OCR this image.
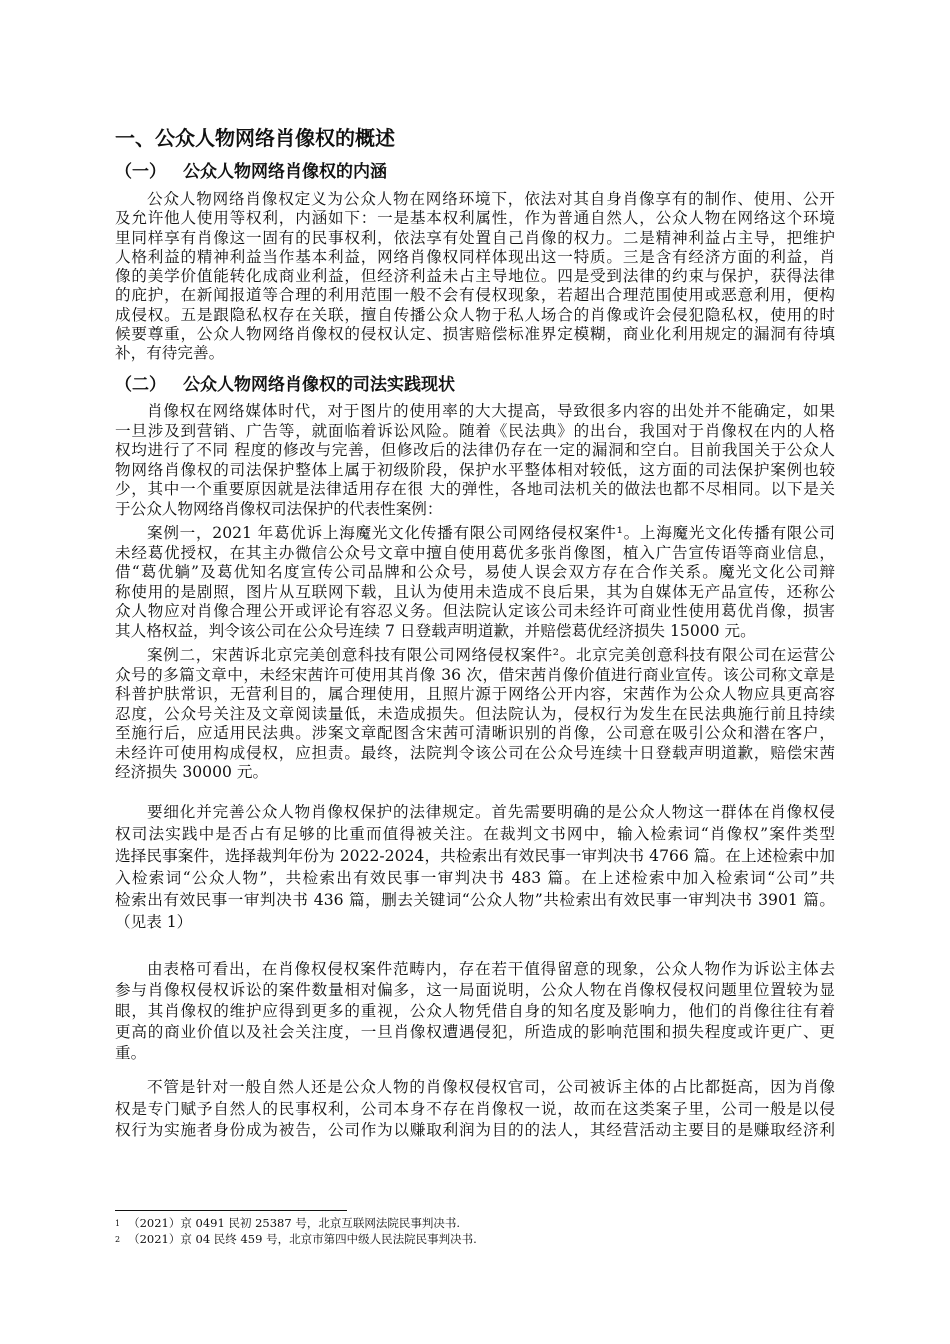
一、公众人物网络肖像权的概述
（一） 公众人物网络肖像权的内涵
公众人物网络肖像权定义为公众人物在网络环境下，依法对其自身肖像享有的制作、使用、公开
及允许他人使用等权利，内涵如下：一是基本权利属性，作为普通自然人，公众人物在网络这个环境
里同样享有肖像这一固有的民事权利，依法享有处置自己肖像的权力。二是精神利益占主导，把维护
人格利益的精神利益当作基本利益，网络肖像权同样体现出这一特质。三是含有经济方面的利益，肖
像的美学价值能转化成商业利益，但经济利益未占主导地位。四是受到法律的约束与保护，获得法律
的庇护，在新闻报道等合理的利用范围一般不会有侵权现象，若超出合理范围使用或恶意利用，便构
成侵权。五是跟隐私权存在关联，擅自传播公众人物于私人场合的肖像或许会侵犯隐私权，使用的时
候要尊重，公众人物网络肖像权的侵权认定、损害赔偿标准界定模糊，商业化利用规定的漏洞有待填
补，有待完善。
（二） 公众人物网络肖像权的司法实践现状
肖像权在网络媒体时代，对于图片的使用率的大大提高，导致很多内容的出处并不能确定，如果
一旦涉及到营销、广告等，就面临着诉讼风险。随着《民法典》的出台，我国对于肖像权在内的人格
权均进行了不同 程度的修改与完善，但修改后的法律仍存在一定的漏洞和空白。目前我国关于公众人
物网络肖像权的司法保护整体上属于初级阶段，保护水平整体相对较低，这方面的司法保护案例也较
少，其中一个重要原因就是法律适用存在很 大的弹性，各地司法机关的做法也都不尽相同。以下是关
于公众人物网络肖像权司法保护的代表性案例：
案例一，2021 年葛优诉上海魔光文化传播有限公司网络侵权案件¹。上海魔光文化传播有限公司
未经葛优授权，在其主办微信公众号文章中擅自使用葛优多张肖像图，植入广告宣传语等商业信息，
借“葛优躺”及葛优知名度宣传公司品牌和公众号，易使人误会双方存在合作关系。魔光文化公司辩
称使用的是剧照，图片从互联网下载，且认为使用未造成不良后果，其为自媒体无产品宣传，还称公
众人物应对肖像合理公开或评论有容忍义务。但法院认定该公司未经许可商业性使用葛优肖像，损害
其人格权益，判令该公司在公众号连续 7 日登载声明道歉，并赔偿葛优经济损失 15000 元。
案例二，宋茜诉北京完美创意科技有限公司网络侵权案件²。北京完美创意科技有限公司在运营公
众号的多篇文章中，未经宋茜许可使用其肖像 36 次，借宋茜肖像价值进行商业宣传。该公司称文章是
科普护肤常识，无营利目的，属合理使用，且照片源于网络公开内容，宋茜作为公众人物应具更高容
忍度，公众号关注及文章阅读量低，未造成损失。但法院认为，侵权行为发生在民法典施行前且持续
至施行后，应适用民法典。涉案文章配图含宋茜可清晰识别的肖像，公司意在吸引公众和潜在客户，
未经许可使用构成侵权，应担责。最终，法院判令该公司在公众号连续十日登载声明道歉，赔偿宋茜
经济损失 30000 元。
要细化并完善公众人物肖像权保护的法律规定。首先需要明确的是公众人物这一群体在肖像权侵
权司法实践中是否占有足够的比重而值得被关注。在裁判文书网中，输入检索词“肖像权”案件类型
选择民事案件，选择裁判年份为 2022-2024，共检索出有效民事一审判决书 4766 篇。在上述检索中加
入检索词“公众人物”，共检索出有效民事一审判决书 483 篇。在上述检索中加入检索词“公司”共
检索出有效民事一审判决书 436 篇，删去关键词“公众人物”共检索出有效民事一审判决书 3901 篇。
（见表 1）
由表格可看出，在肖像权侵权案件范畴内，存在若干值得留意的现象，公众人物作为诉讼主体去
参与肖像权侵权诉讼的案件数量相对偏多，这一局面说明，公众人物在肖像权侵权问题里位置较为显
眼，其肖像权的维护应得到更多的重视，公众人物凭借自身的知名度及影响力，他们的肖像往往有着
更高的商业价值以及社会关注度，一旦肖像权遭遇侵犯，所造成的影响范围和损失程度或许更广、更
重。
不管是针对一般自然人还是公众人物的肖像权侵权官司，公司被诉主体的占比都挺高，因为肖像
权是专门赋予自然人的民事权利，公司本身不存在肖像权一说，故而在这类案子里，公司一般是以侵
权行为实施者身份成为被告，公司作为以赚取利润为目的的法人，其经营活动主要目的是赚取经济利
$^1$ （2021）京 0491 民初 25387 号，北京互联网法院民事判决书.
$^2$ （2021）京 04 民终 459 号，北京市第四中级人民法院民事判决书.
